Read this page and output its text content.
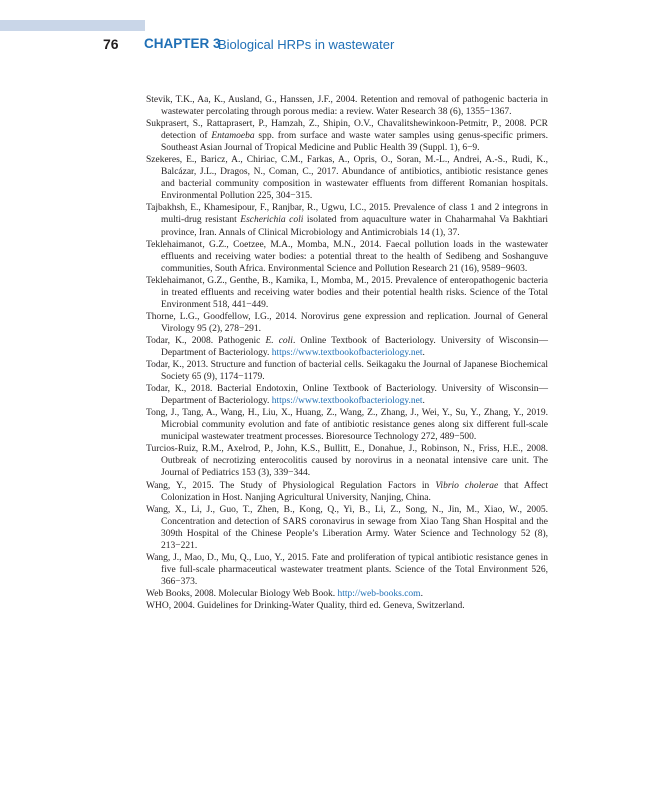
76 CHAPTER 3
Biological HRPs in wastewater

Stevik, T.K., Aa, K., Ausland, G., Hanssen, J.F., 2004. Retention and removal of pathogenic bacteria in wastewater percolating through porous media: a review. Water Research 38 (6), 1355−1367.

Sukprasert, S., Rattaprasert, P., Hamzah, Z., Shipin, O.V., Chavalitshewinkoon-Petmitr, P., 2008. PCR detection of Entamoeba spp. from surface and waste water samples using genus-specific primers. Southeast Asian Journal of Tropical Medicine and Public Health 39 (Suppl. 1), 6−9.

Szekeres, E., Baricz, A., Chiriac, C.M., Farkas, A., Opris, O., Soran, M.-L., Andrei, A.-S., Rudi, K., Balcázar, J.L., Dragos, N., Coman, C., 2017. Abundance of antibiotics, antibiotic resistance genes and bacterial community composition in wastewater effluents from different Romanian hospitals. Environmental Pollution 225, 304−315.

Tajbakhsh, E., Khamesipour, F., Ranjbar, R., Ugwu, I.C., 2015. Prevalence of class 1 and 2 integrons in multi-drug resistant Escherichia coli isolated from aquaculture water in Chaharmahal Va Bakhtiari province, Iran. Annals of Clinical Microbiology and Antimicrobials 14 (1), 37.

Teklehaimanot, G.Z., Coetzee, M.A., Momba, M.N., 2014. Faecal pollution loads in the wastewater effluents and receiving water bodies: a potential threat to the health of Sedibeng and Soshanguve communities, South Africa. Environmental Science and Pollution Research 21 (16), 9589−9603.

Teklehaimanot, G.Z., Genthe, B., Kamika, I., Momba, M., 2015. Prevalence of enteropathogenic bacteria in treated effluents and receiving water bodies and their potential health risks. Science of the Total Environment 518, 441−449.

Thorne, L.G., Goodfellow, I.G., 2014. Norovirus gene expression and replication. Journal of General Virology 95 (2), 278−291.

Todar, K., 2008. Pathogenic E. coli. Online Textbook of Bacteriology. University of Wisconsin—Department of Bacteriology. https://www.textbookofbacteriology.net.

Todar, K., 2013. Structure and function of bacterial cells. Seikagaku the Journal of Japanese Biochemical Society 65 (9), 1174−1179.

Todar, K., 2018. Bacterial Endotoxin, Online Textbook of Bacteriology. University of Wisconsin—Department of Bacteriology. https://www.textbookofbacteriology.net.

Tong, J., Tang, A., Wang, H., Liu, X., Huang, Z., Wang, Z., Zhang, J., Wei, Y., Su, Y., Zhang, Y., 2019. Microbial community evolution and fate of antibiotic resistance genes along six different full-scale municipal wastewater treatment processes. Bioresource Technology 272, 489−500.

Turcios-Ruiz, R.M., Axelrod, P., John, K.S., Bullitt, E., Donahue, J., Robinson, N., Friss, H.E., 2008. Outbreak of necrotizing enterocolitis caused by norovirus in a neonatal intensive care unit. The Journal of Pediatrics 153 (3), 339−344.

Wang, Y., 2015. The Study of Physiological Regulation Factors in Vibrio cholerae that Affect Colonization in Host. Nanjing Agricultural University, Nanjing, China.

Wang, X., Li, J., Guo, T., Zhen, B., Kong, Q., Yi, B., Li, Z., Song, N., Jin, M., Xiao, W., 2005. Concentration and detection of SARS coronavirus in sewage from Xiao Tang Shan Hospital and the 309th Hospital of the Chinese People’s Liberation Army. Water Science and Technology 52 (8), 213−221.

Wang, J., Mao, D., Mu, Q., Luo, Y., 2015. Fate and proliferation of typical antibiotic resistance genes in five full-scale pharmaceutical wastewater treatment plants. Science of the Total Environment 526, 366−373.

Web Books, 2008. Molecular Biology Web Book. http://web-books.com.

WHO, 2004. Guidelines for Drinking-Water Quality, third ed. Geneva, Switzerland.
